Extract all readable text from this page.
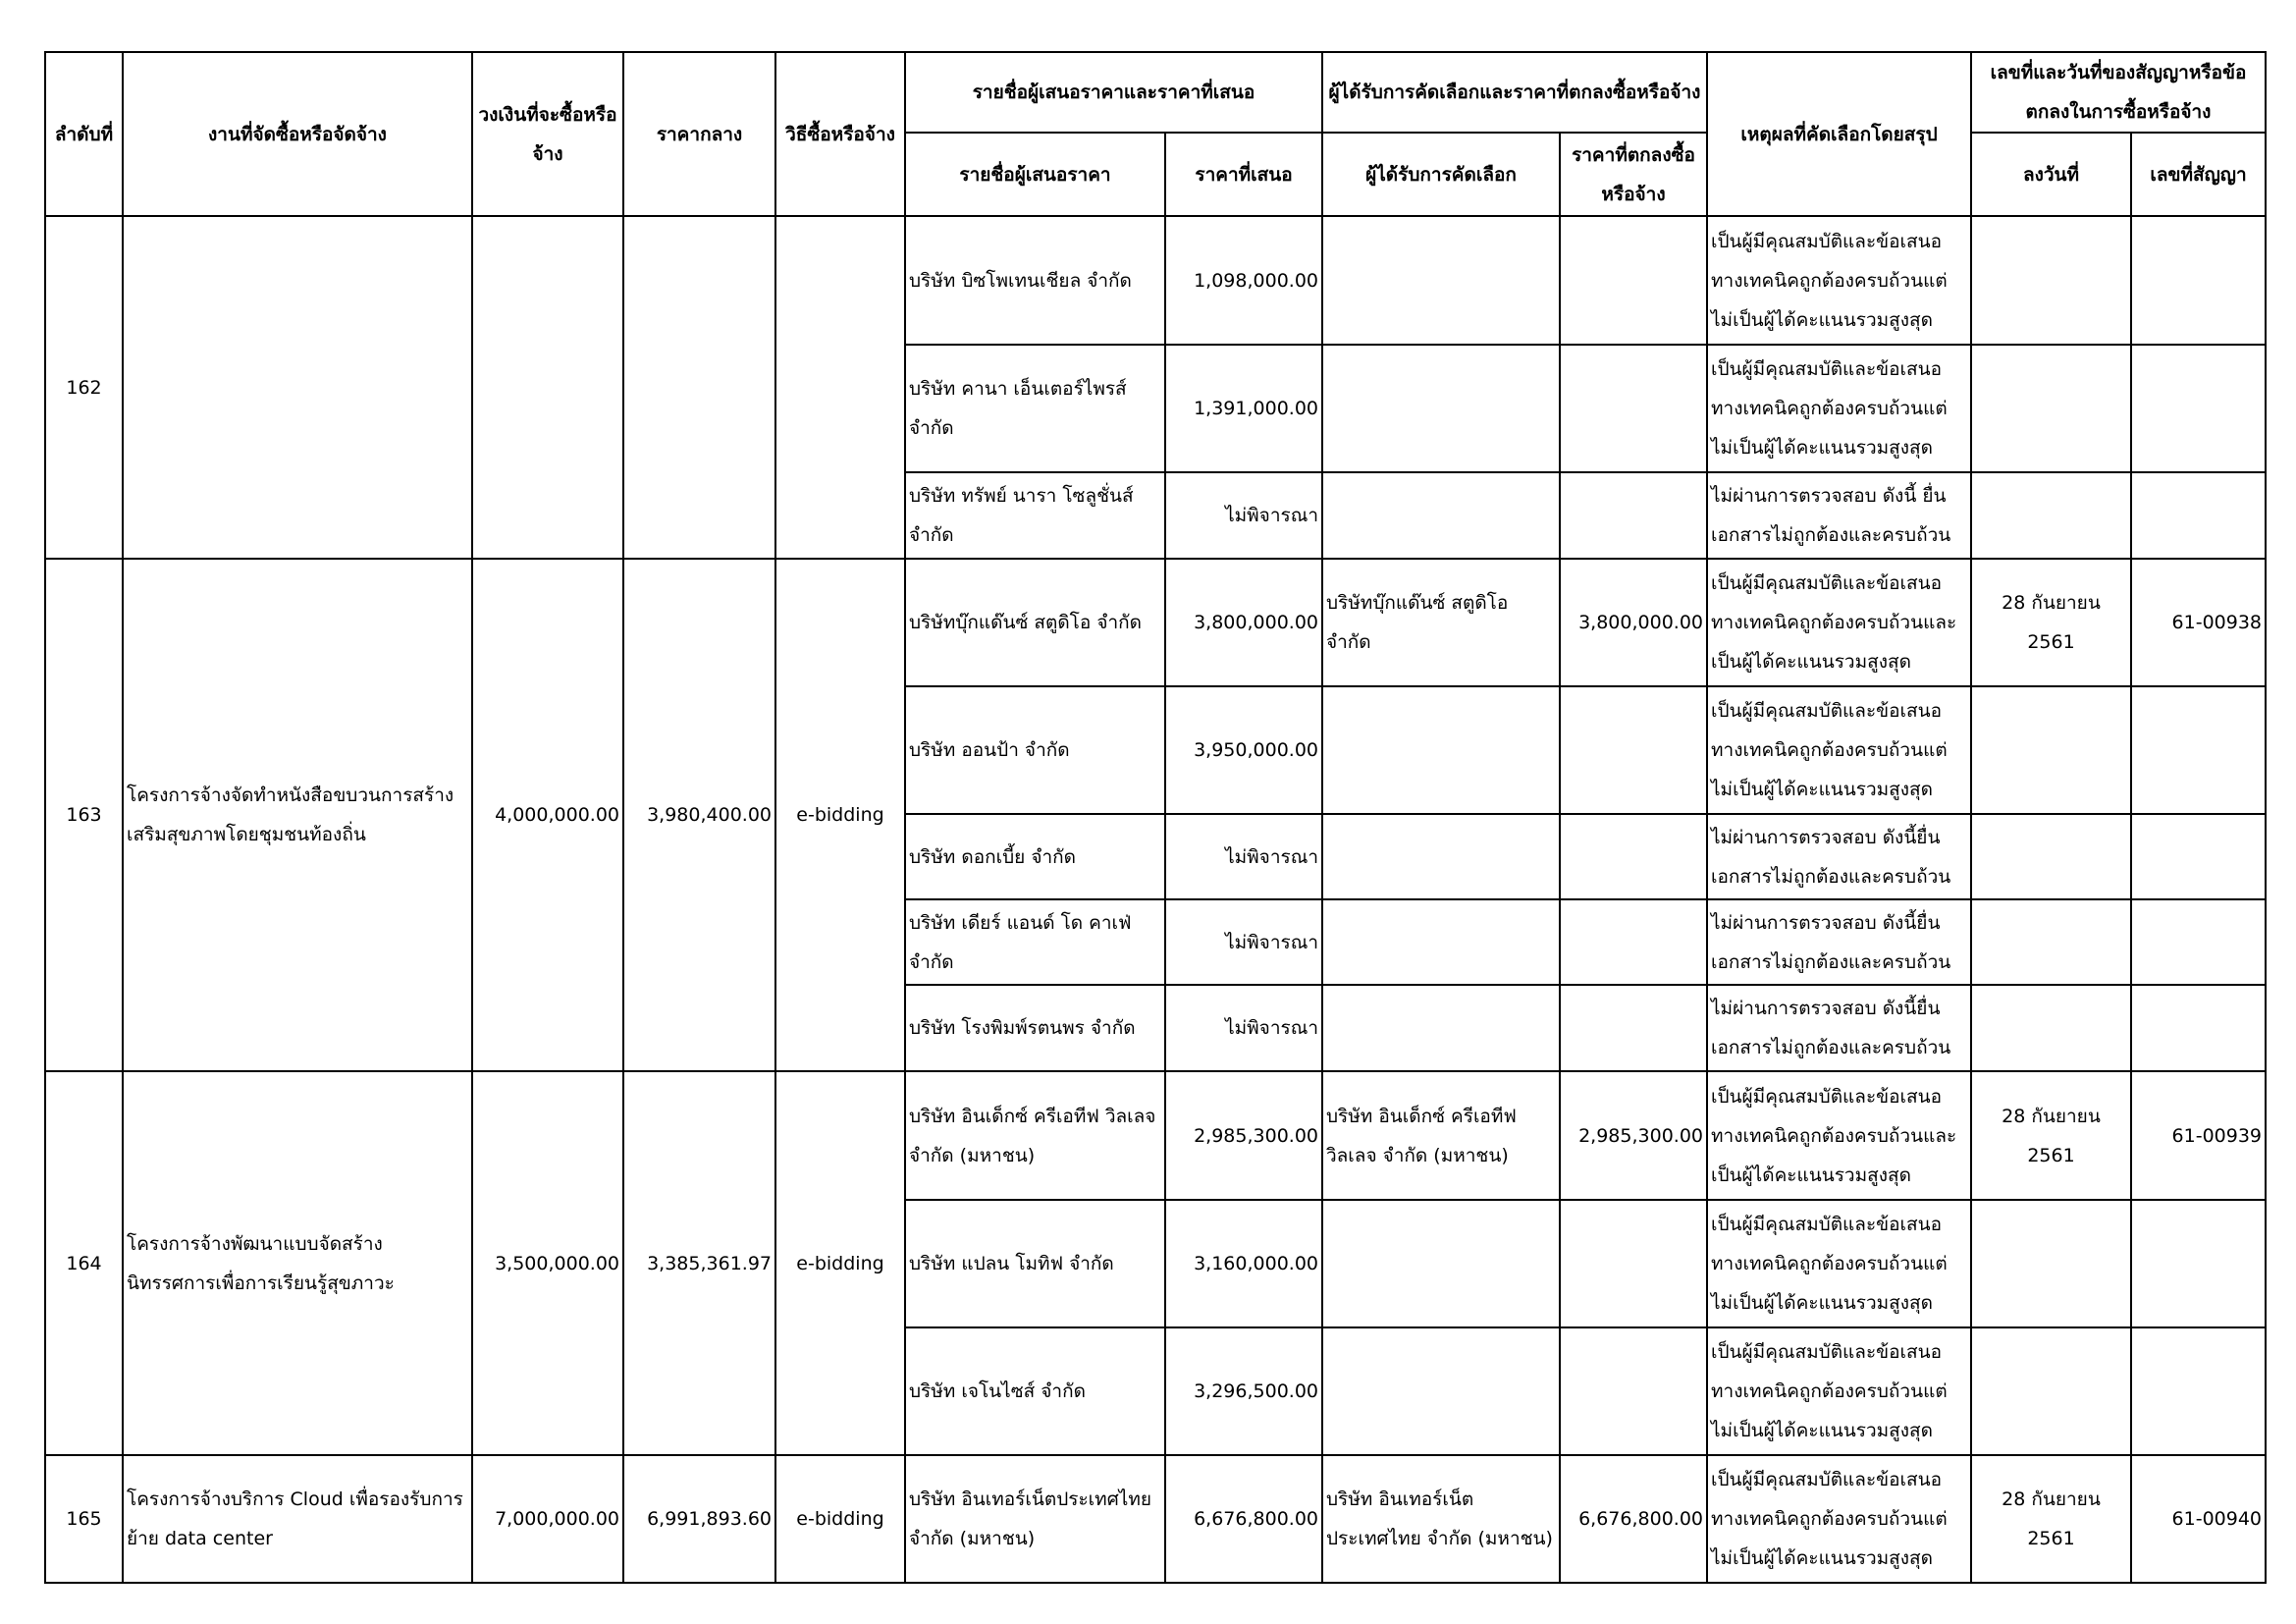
ลำดับที่	งานที่จัดซื้อหรือจัดจ้าง	วงเงินที่จะซื้อหรือจ้าง	ราคากลาง	วิธีซื้อหรือจ้าง	รายชื่อผู้เสนอราคาและราคาที่เสนอ		ผู้ได้รับการคัดเลือกและราคาที่ตกลงซื้อหรือจ้าง		เหตุผลที่คัดเลือกโดยสรุป	เลขที่และวันที่ของสัญญาหรือข้อตกลงในการซื้อหรือจ้าง	
					รายชื่อผู้เสนอราคา	ราคาที่เสนอ	ผู้ได้รับการคัดเลือก	ราคาที่ตกลงซื้อหรือจ้าง		ลงวันที่	เลขที่สัญญา
162					บริษัท บิซโพเทนเชียล จำกัด	1,098,000.00			เป็นผู้มีคุณสมบัติและข้อเสนอทางเทคนิคถูกต้องครบถ้วนแต่ไม่เป็นผู้ได้คะแนนรวมสูงสุด		
					บริษัท คานา เอ็นเตอร์ไพรส์ จำกัด	1,391,000.00			เป็นผู้มีคุณสมบัติและข้อเสนอทางเทคนิคถูกต้องครบถ้วนแต่ไม่เป็นผู้ได้คะแนนรวมสูงสุด		
					บริษัท ทรัพย์ นารา โซลูชั่นส์ จำกัด	ไม่พิจารณา			ไม่ผ่านการตรวจสอบ ดังนี้ ยื่นเอกสารไม่ถูกต้องและครบถ้วน		
163	โครงการจ้างจัดทำหนังสือขบวนการสร้างเสริมสุขภาพโดยชุมชนท้องถิ่น	4,000,000.00	3,980,400.00	e-bidding	บริษัทบุ๊กแด๊นซ์ สตูดิโอ จำกัด	3,800,000.00	บริษัทบุ๊กแด๊นซ์ สตูดิโอ จำกัด	3,800,000.00	เป็นผู้มีคุณสมบัติและข้อเสนอทางเทคนิคถูกต้องครบถ้วนและเป็นผู้ได้คะแนนรวมสูงสุด	28 กันยายน 2561	61-00938
					บริษัท ออนป้า จำกัด	3,950,000.00			เป็นผู้มีคุณสมบัติและข้อเสนอทางเทคนิคถูกต้องครบถ้วนแต่ไม่เป็นผู้ได้คะแนนรวมสูงสุด		
					บริษัท ดอกเบี้ย จำกัด	ไม่พิจารณา			ไม่ผ่านการตรวจสอบ ดังนี้ยื่นเอกสารไม่ถูกต้องและครบถ้วน		
					บริษัท เดียร์ แอนด์ โด คาเฟ่ จำกัด	ไม่พิจารณา			ไม่ผ่านการตรวจสอบ ดังนี้ยื่นเอกสารไม่ถูกต้องและครบถ้วน		
					บริษัท โรงพิมพ์รตนพร จำกัด	ไม่พิจารณา			ไม่ผ่านการตรวจสอบ ดังนี้ยื่นเอกสารไม่ถูกต้องและครบถ้วน		
164	โครงการจ้างพัฒนาแบบจัดสร้างนิทรรศการเพื่อการเรียนรู้สุขภาวะ	3,500,000.00	3,385,361.97	e-bidding	บริษัท อินเด็กซ์ ครีเอทีฟ วิลเลจ จำกัด (มหาชน)	2,985,300.00	บริษัท อินเด็กซ์ ครีเอทีฟ วิลเลจ จำกัด (มหาชน)	2,985,300.00	เป็นผู้มีคุณสมบัติและข้อเสนอทางเทคนิคถูกต้องครบถ้วนและเป็นผู้ได้คะแนนรวมสูงสุด	28 กันยายน 2561	61-00939
					บริษัท แปลน โมทิฟ จำกัด	3,160,000.00			เป็นผู้มีคุณสมบัติและข้อเสนอทางเทคนิคถูกต้องครบถ้วนแต่ไม่เป็นผู้ได้คะแนนรวมสูงสุด		
					บริษัท เจโนไซส์ จำกัด	3,296,500.00			เป็นผู้มีคุณสมบัติและข้อเสนอทางเทคนิคถูกต้องครบถ้วนแต่ไม่เป็นผู้ได้คะแนนรวมสูงสุด		
165	โครงการจ้างบริการ Cloud เพื่อรองรับการย้าย data center	7,000,000.00	6,991,893.60	e-bidding	บริษัท อินเทอร์เน็ตประเทศไทย จำกัด (มหาชน)	6,676,800.00	บริษัท อินเทอร์เน็ตประเทศไทย จำกัด (มหาชน)	6,676,800.00	เป็นผู้มีคุณสมบัติและข้อเสนอทางเทคนิคถูกต้องครบถ้วนแต่ไม่เป็นผู้ได้คะแนนรวมสูงสุด	28 กันยายน 2561	61-00940
